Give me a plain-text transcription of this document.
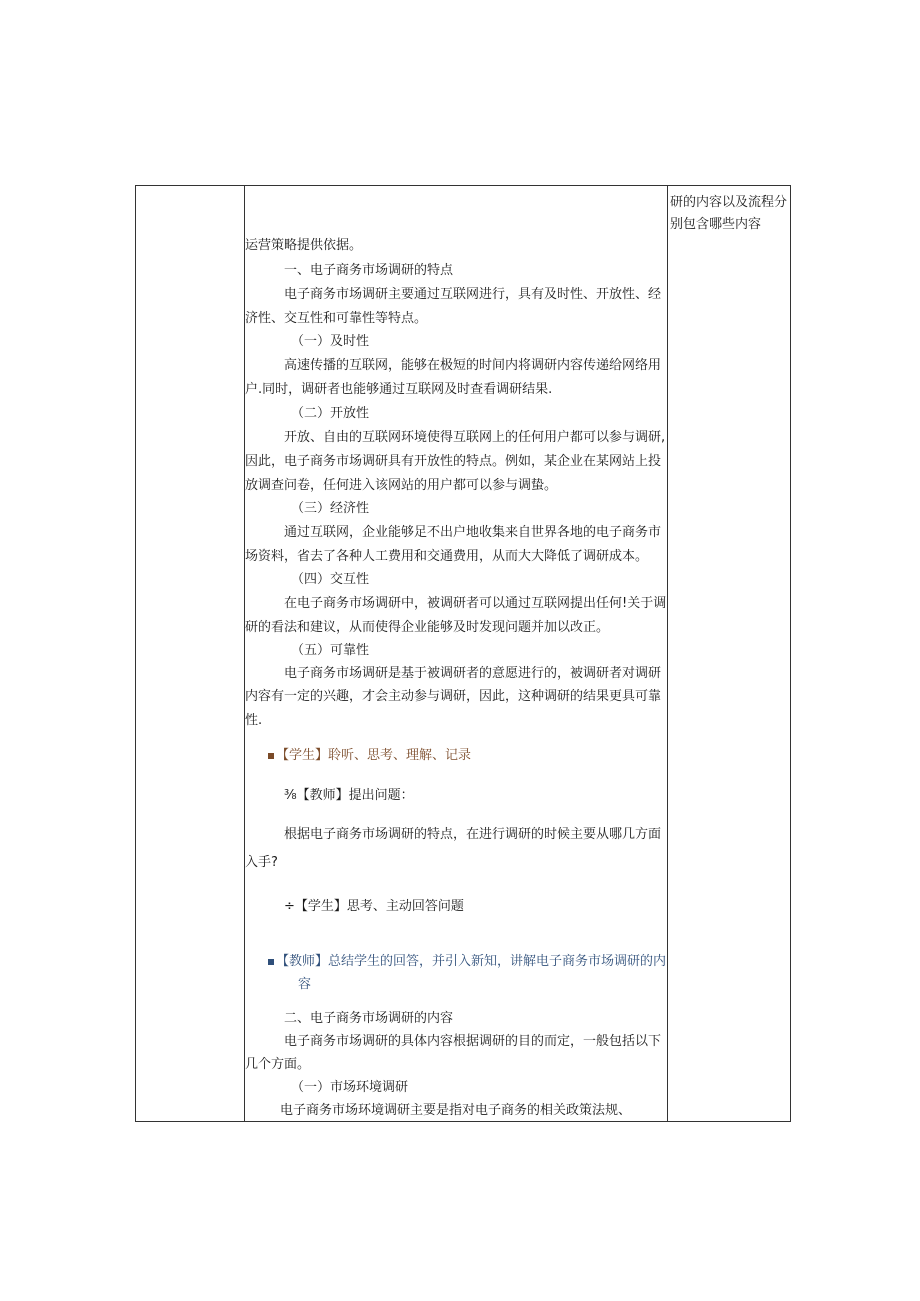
研的内容以及流程分别包含哪些内容
运营策略提供依据。
一、电子商务市场调研的特点
电子商务市场调研主要通过互联网进行，具有及时性、开放性、经
济性、交互性和可靠性等特点。
（一）及时性
高速传播的互联网，能够在极短的时间内将调研内容传递给网络用
户.同时，调研者也能够通过互联网及时查看调研结果.
（二）开放性
开放、自由的互联网环境使得互联网上的任何用户都可以参与调研,
因此，电子商务市场调研具有开放性的特点。例如，某企业在某网站上投
放调查问卷，任何进入该网站的用户都可以参与调蛰。
（三）经济性
通过互联网，企业能够足不出户地收集来自世界各地的电子商务市
场资料，省去了各种人工费用和交通费用，从而大大降低了调研成本。
（四）交互性
在电子商务市场调研中，被调研者可以通过互联网提出任何!关于调
研的看法和建议，从而使得企业能够及时发现问题并加以改正。
（五）可靠性
电子商务市场调研是基于被调研者的意愿进行的，被调研者对调研
内容有一定的兴趣，才会主动参与调研，因此，这种调研的结果更具可靠
性.
【学生】聆听、思考、理解、记录
⅜【教师】提出问题：
根据电子商务市场调研的特点，在进行调研的时候主要从哪几方面
入手?
÷【学生】思考、主动回答问题
【教师】总结学生的回答，并引入新知，讲解电子商务市场调研的内
容
二、电子商务市场调研的内容
电子商务市场调研的具体内容根据调研的目的而定，一般包括以下
几个方面。
（一）市场环境调研
电子商务市场环境调研主要是指对电子商务的相关政策法规、
